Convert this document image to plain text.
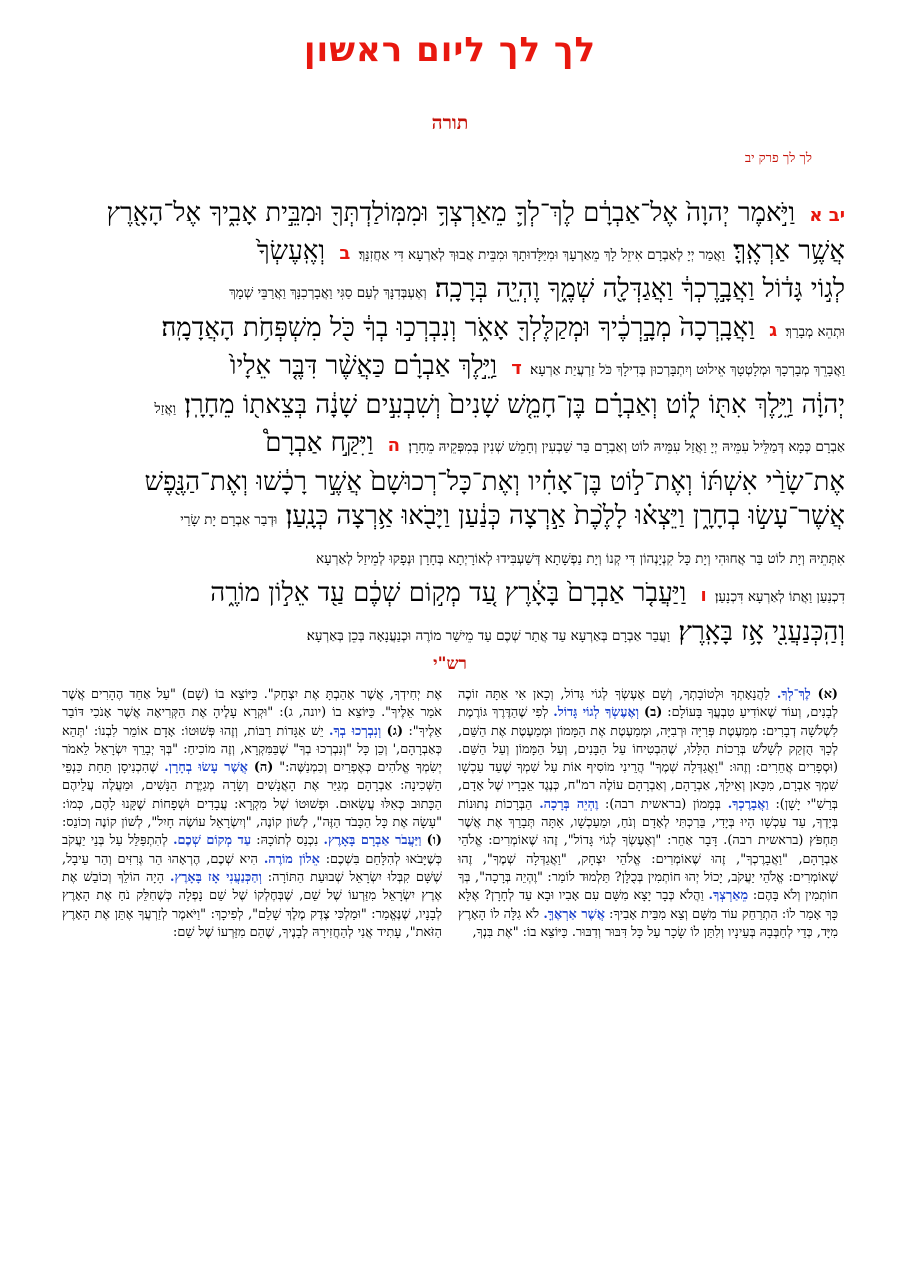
לך לך ליום ראשון
תורה
לך לך פרק יב
יב א וַיֹּ֣אמֶר יְהוָה֙ אֶל־אַבְרָ֔ם לֶךְ־לְךָ֛ מֵאַרְצְךָ֥ וּמִמּֽוֹלַדְתְּךָ֖ וּמִבֵּ֣ית אָבִ֑יךָ אֶל־הָאָ֖רֶץ
אֲשֶׁ֥ר אַרְאֶֽךָּ׃ וַאֲמַר יְיָ לְאַבְרָם אִיזֵל לָךְ מֵאַרְעָךְ וּמִיַּלָּדוּתָךְ וּמִבֵּית אֲבוּךְ לְאַרְעָא דִּי אַחֲזִנָּךְ׃ ב וְאֶֽעֶשְׂךָ֙
לְג֣וֹי גָּד֔וֹל וַאֲבָ֣רֶכְךָ֔ וַאֲגַדְּלָ֖ה שְׁמֶ֑ךָ וֶהְיֵ֖ה בְּרָכָֽה׃ וְאֶעְבְּדִנָּךְ לְעַם סַגִּי וַאֲבָרְכִנָּךְ וַאֲרַבֵּי שְׁמָךְ
וּתְהֵא מְבָרַךְ׃ ג וַאֲבָֽרְכָה֙ מְבָ֣רְכֶ֔יךָ וּמְקַלֶּלְךָ֖ אָאֹ֑ר וְנִבְרְכ֣וּ בְךָ֔ כֹּ֖ל מִשְׁפְּחֹ֥ת הָאֲדָמָֽה׃
וַאֲבָרֵךְ מְבָרְכָךְ וּמְלָטְטָךְ אֵילוּט וְיִתְבָּרְכוּן בְּדִילָךְ כֹּל זַרְעֲיַת אַרְעָא׃ ד וַיֵּ֣לֶךְ אַבְרָ֗ם כַּאֲשֶׁ֨ר דִּבֶּ֤ר אֵלָיו֙
יְהוָ֔ה וַיֵּ֥לֶךְ אִתּ֖וֹ ל֑וֹט וְאַבְרָ֗ם בֶּן־חָמֵ֤שׁ שָׁנִים֙ וְשִׁבְעִ֣ים שָׁנָ֔ה בְּצֵאת֖וֹ מֵחָרָֽן׃ וַאֲזַל
אַבְרָם כְּמָא דְּמַלֵּיל עִמֵּיהּ יְיָ וַאֲזַל עִמֵּיהּ לוֹט וְאַבְרָם בַּר שַׁבְעִין וְחָמֵשׁ שְׁנִין בְּמִפְּקֵיהּ מֵחָרָן׃ ה וַיִּקַּ֣ח אַבְרָם֩
אֶת־שָׂרַ֨י אִשְׁתּ֜וֹ וְאֶת־ל֣וֹט בֶּן־אָחִ֗יו וְאֶת־כָּל־רְכוּשָׁם֙ אֲשֶׁ֣ר רָכָ֔שׁוּ וְאֶת־הַנֶּ֖פֶשׁ
אֲשֶׁר־עָשׂ֣וּ בְחָרָ֑ן וַיֵּצְא֗וּ לָלֶ֙כֶת֙ אַ֣רְצָה כְּנַ֔עַן וַיָּבֹ֖אוּ אַ֥רְצָה כְּנָֽעַן׃ וּדְבַר אַבְרָם יָת שָׂרַי
אִתְּתֵיהּ וְיָת לוֹט בַּר אֲחוּהִי וְיָת כָּל קִנְיָנְהוֹן דִּי קְנוֹ וְיָת נַפְשָׁתָא דְּשַׁעְבִּידוּ לְאוֹרָיְתָא בְּחָרָן וּנְפָקוּ לְמֵיזַל לְאַרְעָא
דִכְנַעַן וַאֲתוֹ לְאַרְעָא דִּכְנָעַן׃ ו וַיַּעֲבֹ֤ר אַבְרָם֙ בָּאָ֔רֶץ עַ֚ד מְק֣וֹם שְׁכֶ֔ם עַ֖ד אֵל֣וֹן מוֹרֶ֑ה
וְהַֽכְּנַעֲנִ֖י אָ֥ז בָּאָֽרֶץ׃ וַעֲבַר אַבְרָם בְּאַרְעָא עַד אֲתַר שְׁכֶם עַד מֵישַׁר מוֹרֶה וּכְנַעֲנָאָה בְּכֵן בְּאַרְעָא׃
רש"י
(א) לֶךְ־לְךָ. לַהֲנָאָתְךָ וּלְטוֹבָתְךָ, וְשָׁם אֶעֶשְׂךָ לְגוֹי גָּדוֹל, וְכָאן אִי אַתָּה זוֹכֶה לְבָנִים, וְעוֹד שֶׁאוֹדִיעַ טִבְעֲךָ בָּעוֹלָם: (ב) וְאֶעֶשְׂךָ לְגוֹי גָּדוֹל. לְפִי שֶׁהַדֶּרֶךְ גּוֹרֶמֶת לִשְׁלֹשָׁה דְבָרִים: מְמַעֶטֶת פְּרִיָּה וּרְבִיָּה, וּמְמַעֶטֶת אֶת הַמָּמוֹן וּמְמַעֶטֶת אֶת הַשֵּׁם, לְכָךְ הֻזְקַק לְשָׁלֹשׁ בְּרָכוֹת הַלָּלוּ, שֶׁהִבְטִיחוֹ עַל הַבָּנִים, וְעַל הַמָּמוֹן וְעַל הַשֵּׁם. (וּסְפָרִים אֲחֵרִים: וְזֶהוּ: "וַאֲגַדְּלָה שְׁמֶךָ" הֲרֵינִי מוֹסִיף אוֹת עַל שִׁמְךָ שֶׁעַד עַכְשָׁו שִׁמְךָ אַבְרָם, מִכָּאן וְאֵילָךְ, אַבְרָהָם, וְאַבְרָהָם עוֹלֶה רמ"ח, כְּנֶגֶד אֵבָרָיו שֶׁל אָדָם, בְּרַשִׁ"י יָשָׁן): וַאֲבָרֶכְךָ. בְּמָמוֹן (בראשית רבה): וֶהְיֵה בְּרָכָה. הַבְּרָכוֹת נְתוּנוֹת בְּיָדְךָ, עַד עַכְשָׁו הָיוּ בְּיָדִי, בֵּרַכְתִּי לְאָדָם וְנֹחַ, וּמֵעַכְשָׁו, אַתָּה תְּבָרֵךְ אֶת אֲשֶׁר תַּחְפֹּץ (בראשית רבה). דָּבָר אַחֵר: "וְאֶעֶשְׂךָ לְגוֹי גָּדוֹל", זֶהוּ שֶׁאוֹמְרִים: אֱלֹהֵי אַבְרָהָם, "וַאֲבָרֶכְךָ", זֶהוּ שֶׁאוֹמְרִים: אֱלֹהֵי יִצְחָק, "וַאֲגַדְּלָה שְׁמֶךָ", זֶהוּ שֶׁאוֹמְרִים: אֱלֹהֵי יַעֲקֹב, יָכוֹל יְהוּ חוֹתְמִין בְּכֻלָּן? תַּלְמוּד לוֹמַר: "וֶהְיֵה בְּרָכָה", בְּךָ חוֹתְמִין וְלֹא בָּהֶם: מֵאַרְצְךָ. וַהֲלֹא כְּבָר יָצָא מִשָּׁם עִם אָבִיו וּבָא עַד לְחָרָן? אֶלָּא כָּךְ אָמַר לוֹ: הִתְרַחֵק עוֹד מִשָּׁם וְצֵא מִבֵּית אָבִיךָ: אֲשֶׁר אַרְאֶךָּ. לֹא גִלָּה לוֹ הָאָרֶץ מִיָּד, כְּדֵי לְחַבְּבָהּ בְּעֵינָיו וְלִתֵּן לוֹ שָׂכָר עַל כָּל דִּבּוּר וְדִבּוּר. כַּיּוֹצֵא בוֹ: "אֶת בִּנְךָ,
אֶת יְחִידְךָ, אֲשֶׁר אָהַבְתָּ אֶת יִצְחָק". כַּיּוֹצֵא בוֹ (שָׁם) "עַל אַחַד הֶהָרִים אֲשֶׁר אֹמַר אֵלֶיךָ". כַּיּוֹצֵא בוֹ (יונה, ג): "וּקְרָא עָלֶיהָ אֶת הַקְּרִיאָה אֲשֶׁר אָנֹכִי דּוֹבֵר אֵלֶיךָ": (ג) וְנִבְרְכוּ בְךָ. יֵשׁ אַגָּדוֹת רַבּוֹת, וְזֶהוּ פְּשׁוּטוֹ: אָדָם אוֹמֵר לִבְנוֹ: 'תְּהֵא כְּאַבְרָהָם,' וְכֵן כָּל "וְנִבְרְכוּ בְךָ" שֶׁבַּמִּקְרָא, וְזֶה מוֹכִיחַ: "בְּךָ יְבָרֵךְ יִשְׂרָאֵל לֵאמֹר יְשִׂמְךָ אֱלֹהִים כְּאֶפְרַיִם וְכִמְנַשֶּׁה:" (ה) אֲשֶׁר עָשׂוּ בְחָרָן. שֶׁהִכְנִיסָן תַּחַת כַּנְפֵי הַשְּׁכִינָה: אַבְרָהָם מְגַיֵּר אֶת הָאֲנָשִׁים וְשָׂרָה מְגַיֶּרֶת הַנָּשִׁים, וּמַעֲלֶה עֲלֵיהֶם הַכָּתוּב כְּאִלּוּ עֲשָׂאוּם. וּפְשׁוּטוֹ שֶׁל מִקְרָא: עֲבָדִים וּשְׁפָחוֹת שֶׁקָּנוּ לָהֶם, כְּמוֹ: "עָשָׂה אֶת כָּל הַכָּבֹד הַזֶּה", לְשׁוֹן קוֹנֶה, "וְיִשְׂרָאֵל עוֹשֶׂה חָיִל", לְשׁוֹן קוֹנֶה וְכוֹנֵס: (ו) וַיַּעֲבֹר אַבְרָם בָּאָרֶץ. נִכְנַס לְתוֹכָהּ: עַד מְקוֹם שְׁכֶם. לְהִתְפַּלֵּל עַל בְּנֵי יַעֲקֹב כְּשֶׁיָּבֹאוּ לְהִלָּחֵם בִּשְׁכֶם: אֵלוֹן מוֹרֶה. הִיא שְׁכֶם, הֶרְאָהוּ הַר גְּרִזִּים וְהַר עֵיבָל, שֶׁשָּׁם קִבְּלוּ יִשְׂרָאֵל שְׁבוּעַת הַתּוֹרָה: וְהַכְּנַעֲנִי אָז בָּאָרֶץ. הָיָה הוֹלֵךְ וְכוֹבֵשׁ אֶת אֶרֶץ יִשְׂרָאֵל מִזַּרְעוֹ שֶׁל שֵׁם, שֶׁבְּחֶלְקוֹ שֶׁל שֵׁם נָפְלָה כְּשֶׁחִלֵּק נֹחַ אֶת הָאָרֶץ לְבָנָיו, שֶׁנֶּאֱמַר: "וּמַלְכִּי צֶדֶק מֶלֶךְ שָׁלֵם", לְפִיכָךְ: "וַיֹּאמֶר לְזַרְעֲךָ אֶתֵּן אֶת הָאָרֶץ הַזֹּאת", עָתִיד אֲנִי לְהַחֲזִירָהּ לְבָנֶיךָ, שֶׁהֵם מִזַּרְעוֹ שֶׁל שֵׁם:
